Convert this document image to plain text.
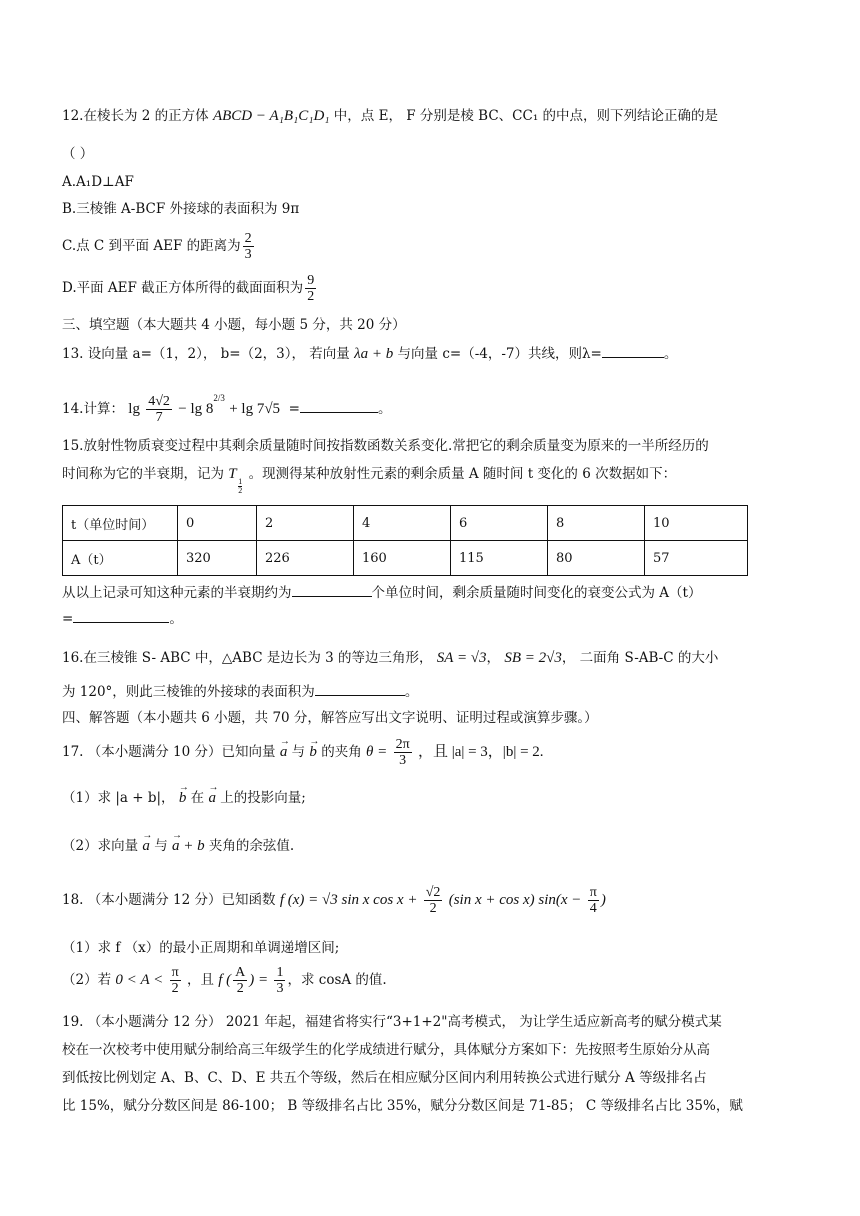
12.在棱长为 2 的正方体 ABCD − A₁B₁C₁D₁ 中，点 E， F 分别是棱 BC、CC₁ 的中点，则下列结论正确的是
（ ）
A.A₁D⊥AF
B.三棱锥 A-BCF 外接球的表面积为 9π
C.点 C 到平面 AEF 的距离为 $\frac{2}{3}$
D.平面 AEF 截正方体所得的截面面积为 $\frac{9}{2}$
三、填空题（本大题共 4 小题，每小题 5 分，共 20 分）
13. 设向量 a=（1，2）， b=（2，3）， 若向量 λa + b 与向量 c=（-4，-7）共线，则λ=	。
14.计算： $\lg \frac{4√2}{7} - \lg 8^{2/3} + \lg 7√5$ =	。
15.放射性物质衰变过程中其剩余质量随时间按指数函数关系变化.常把它的剩余质量变为原来的一半所经历的
时间称为它的半衰期，记为 T
$\frac{1}{2}$
。现测得某种放射性元素的剩余质量 A 随时间 t 变化的 6 次数据如下：
t（单位时间）	0	2	4	6	8	10
A（t）	320	226	160	115	80	57
从以上记录可知这种元素的半衰期约为	个单位时间，剩余质量随时间变化的衰变公式为 A（t）
=	。
16.在三棱锥 S- ABC 中，△ABC 是边长为 3 的等边三角形， SA = √3， SB = 2√3， 二面角 S-AB-C 的大小
为 120°，则此三棱锥的外接球的表面积为	。
四、解答题（本小题共 6 小题，共 70 分，解答应写出文字说明、证明过程或演算步骤。）
17. （本小题满分 10 分）已知向量 → a 与 → b 的夹角 $\theta = \frac{2\pi}{3}$ ，且 |a| = 3，|b| = 2.
（1）求 |a + b|， → b 在 → a 上的投影向量;
（2）求向量 → a 与 → a + b 夹角的余弦值.
18. （本小题满分 12 分）已知函数 f (x) = √3 sin x $\cos x + \frac{√2}{2} (\sin$ x + cos x) $\sin(x - \frac{\pi}{4}$ )
（1）求 f （x）的最小正周期和单调递增区间;
（2）若 $0 < A < \frac{\pi}{2}$ ，且 f ( $\frac{A}{2}$ ) = $\frac{1}{3}$ ，求 cosA 的值.
19. （本小题满分 12 分） 2021 年起，福建省将实行“3+1+2"高考模式， 为让学生适应新高考的赋分模式某
校在一次校考中使用赋分制给高三年级学生的化学成绩进行赋分，具体赋分方案如下：先按照考生原始分从高
到低按比例划定 A、B、C、D、E 共五个等级，然后在相应赋分区间内利用转换公式进行赋分 A 等级排名占
比 15%，赋分分数区间是 86-100； B 等级排名占比 35%，赋分分数区间是 71-85； C 等级排名占比 35%，赋
